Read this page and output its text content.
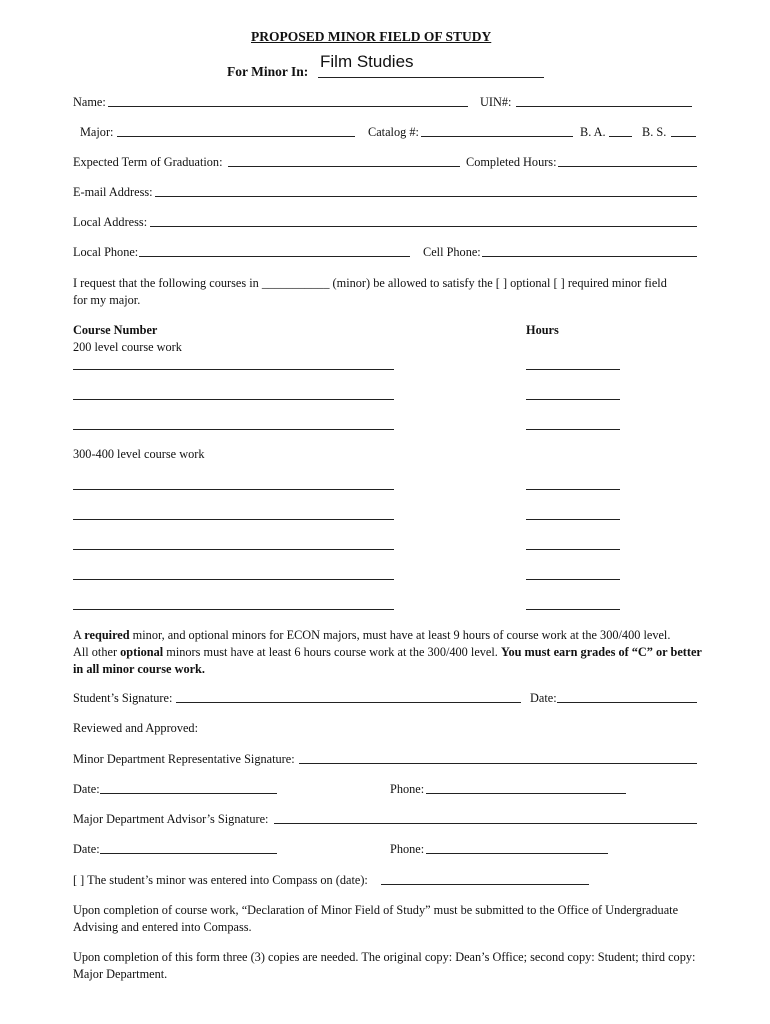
PROPOSED MINOR FIELD OF STUDY
For Minor In:
Film Studies
Name:	UIN#:
Major:	Catalog #:	B. A.	B. S.
Expected Term of Graduation:	Completed Hours:
E-mail Address:
Local Address:
Local Phone:	Cell Phone:
I request that the following courses in ___________ (minor) be allowed to satisfy the [ ] optional [ ] required minor field
for my major.
Course Number	Hours
200 level course work
300-400 level course work
A required minor, and optional minors for ECON majors, must have at least 9 hours of course work at the 300/400 level.
All other optional minors must have at least 6 hours course work at the 300/400 level. You must earn grades of “C” or better in all minor course work.
Student’s Signature:	Date:
Reviewed and Approved:
Minor Department Representative Signature:
Date:	Phone:
Major Department Advisor’s Signature:
Date:	Phone:
[ ] The student’s minor was entered into Compass on (date):
Upon completion of course work, “Declaration of Minor Field of Study” must be submitted to the Office of Undergraduate Advising and entered into Compass.
Upon completion of this form three (3) copies are needed. The original copy: Dean’s Office; second copy: Student; third copy: Major Department.
